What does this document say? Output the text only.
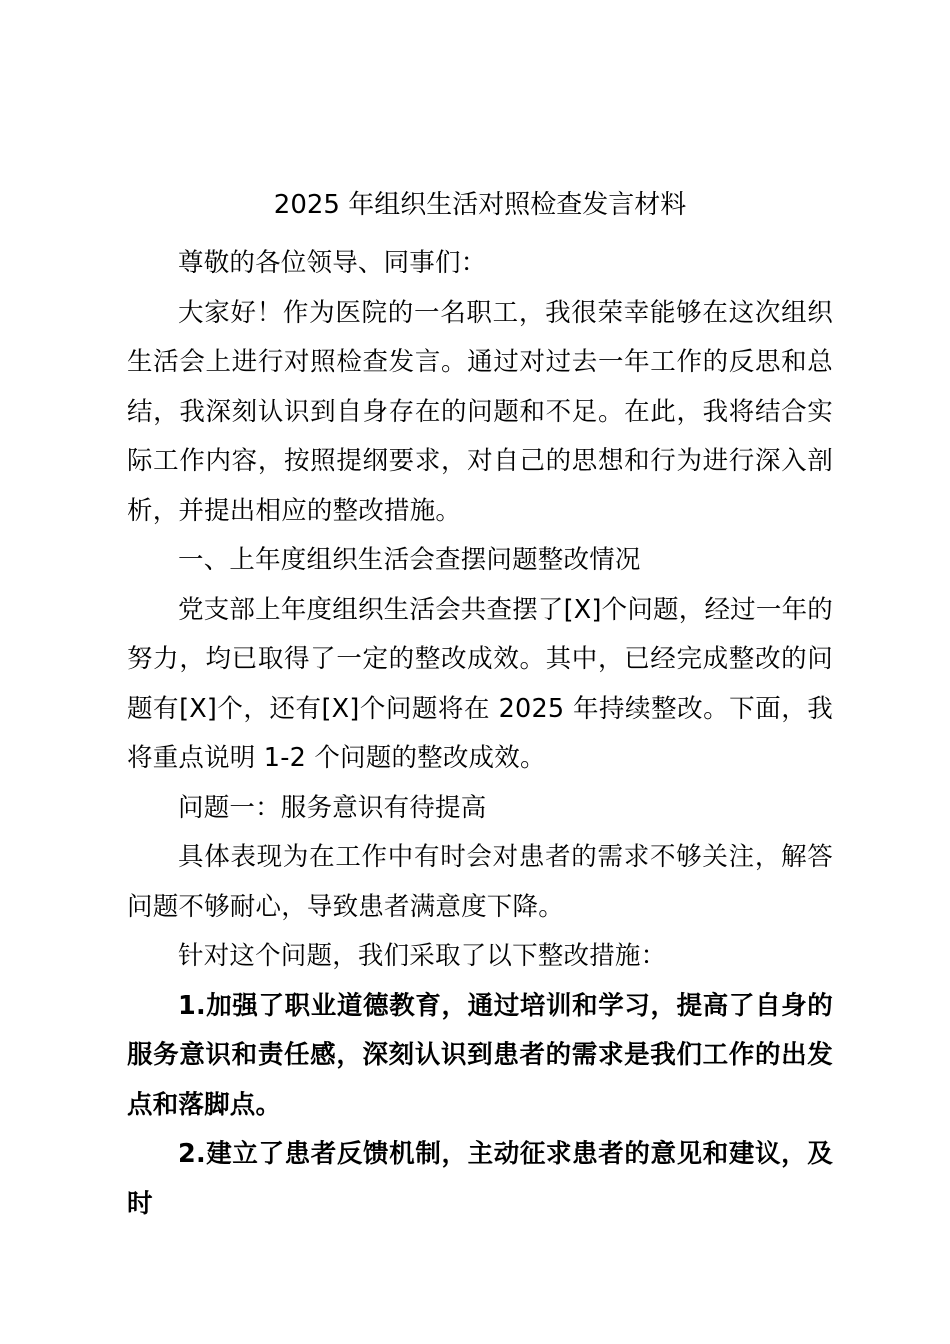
2025 年组织生活对照检查发言材料

尊敬的各位领导、同事们：

大家好！作为医院的一名职工，我很荣幸能够在这次组织生活会上进行对照检查发言。通过对过去一年工作的反思和总结，我深刻认识到自身存在的问题和不足。在此，我将结合实际工作内容，按照提纲要求，对自己的思想和行为进行深入剖析，并提出相应的整改措施。

一、上年度组织生活会查摆问题整改情况

党支部上年度组织生活会共查摆了[X]个问题，经过一年的努力，均已取得了一定的整改成效。其中，已经完成整改的问题有[X]个，还有[X]个问题将在 2025 年持续整改。下面，我将重点说明 1-2 个问题的整改成效。

问题一：服务意识有待提高

具体表现为在工作中有时会对患者的需求不够关注，解答问题不够耐心，导致患者满意度下降。

针对这个问题，我们采取了以下整改措施：

1.加强了职业道德教育，通过培训和学习，提高了自身的服务意识和责任感，深刻认识到患者的需求是我们工作的出发点和落脚点。

2.建立了患者反馈机制，主动征求患者的意见和建议，及时
